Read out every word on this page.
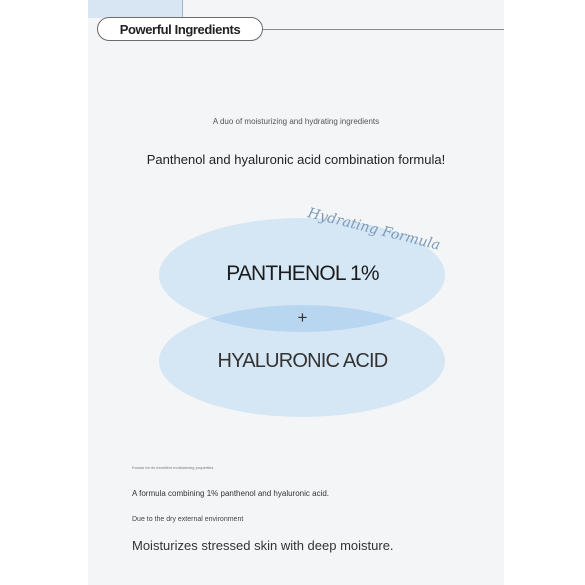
Powerful Ingredients
A duo of moisturizing and hydrating ingredients
Panthenol and hyaluronic acid combination formula!
Hydrating Formula
PANTHENOL 1%
+
HYALURONIC ACID
Known for its excellent moisturizing properties
A formula combining 1% panthenol and hyaluronic acid.
Due to the dry external environment
Moisturizes stressed skin with deep moisture.
